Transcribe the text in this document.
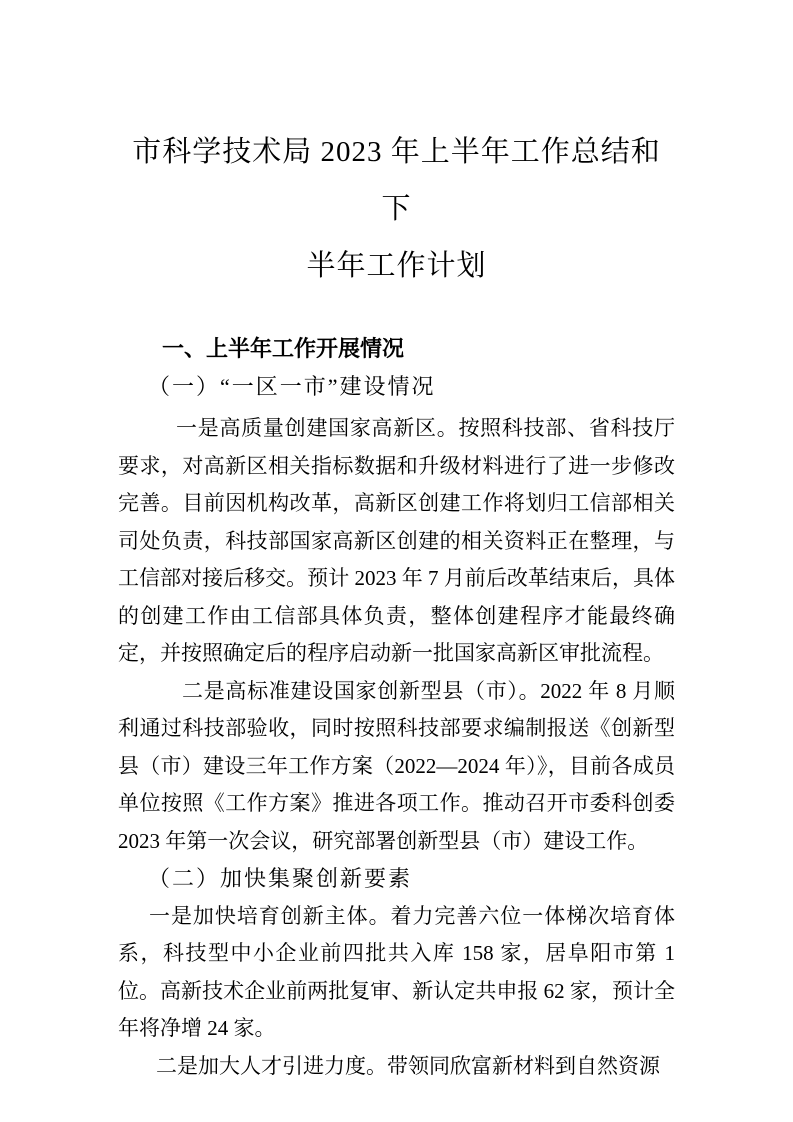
市科学技术局 2023 年上半年工作总结和下
半年工作计划
一、上半年工作开展情况
（一）“一区一市”建设情况
一是高质量创建国家高新区。按照科技部、省科技厅要求，对高新区相关指标数据和升级材料进行了进一步修改完善。目前因机构改革，高新区创建工作将划归工信部相关司处负责，科技部国家高新区创建的相关资料正在整理，与工信部对接后移交。预计 2023 年 7 月前后改革结束后，具体的创建工作由工信部具体负责，整体创建程序才能最终确定，并按照确定后的程序启动新一批国家高新区审批流程。
二是高标准建设国家创新型县（市）。2022 年 8 月顺利通过科技部验收，同时按照科技部要求编制报送《创新型县（市）建设三年工作方案（2022—2024 年）》，目前各成员单位按照《工作方案》推进各项工作。推动召开市委科创委 2023 年第一次会议，研究部署创新型县（市）建设工作。
（二）加快集聚创新要素
一是加快培育创新主体。着力完善六位一体梯次培育体系，科技型中小企业前四批共入库 158 家，居阜阳市第 1 位。高新技术企业前两批复审、新认定共申报 62 家，预计全年将净增 24 家。
二是加大人才引进力度。带领同欣富新材料到自然资源
